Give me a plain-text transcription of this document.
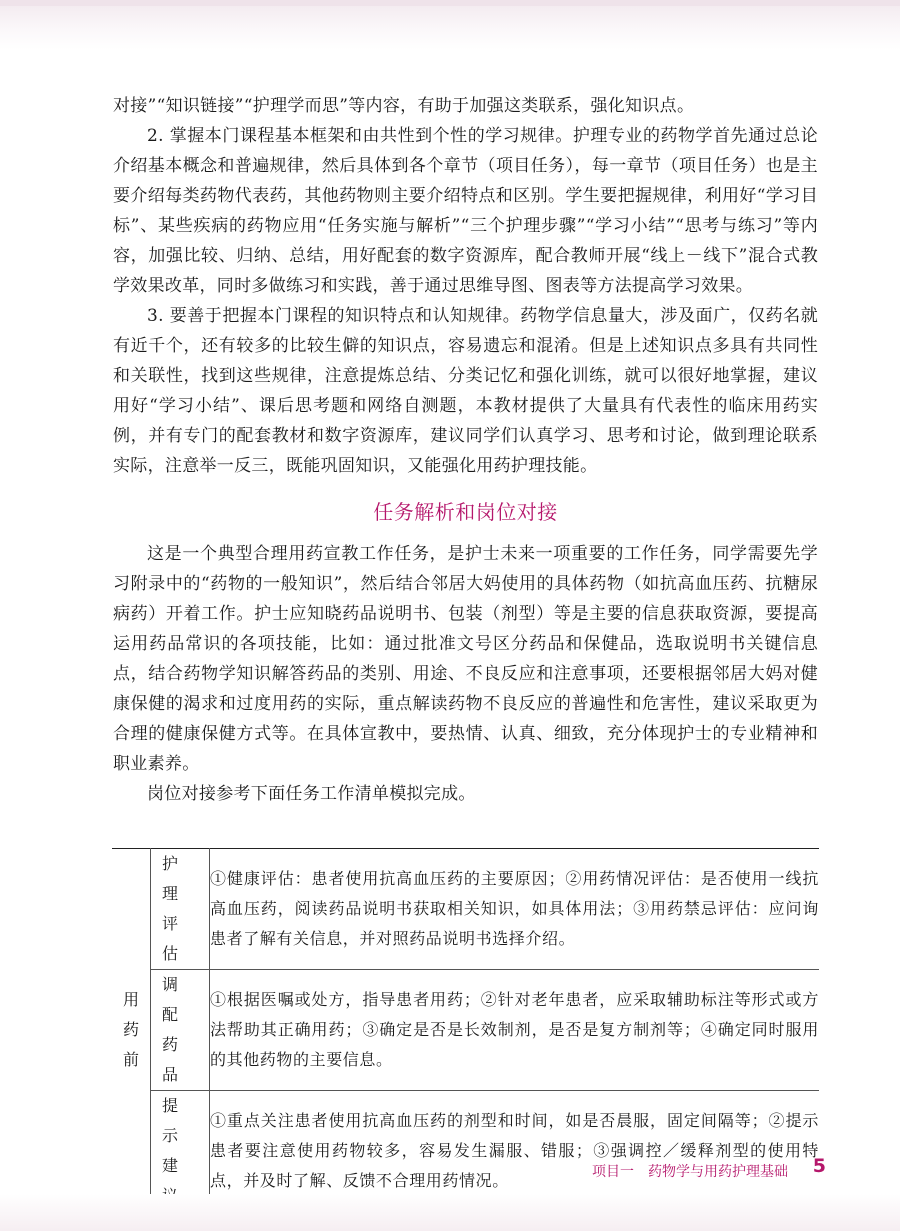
对接”“知识链接”“护理学而思”等内容，有助于加强这类联系，强化知识点。

2. 掌握本门课程基本框架和由共性到个性的学习规律。护理专业的药物学首先通过总论介绍基本概念和普遍规律，然后具体到各个章节（项目任务），每一章节（项目任务）也是主要介绍每类药物代表药，其他药物则主要介绍特点和区别。学生要把握规律，利用好“学习目标”、某些疾病的药物应用“任务实施与解析”“三个护理步骤”“学习小结”“思考与练习”等内容，加强比较、归纳、总结，用好配套的数字资源库，配合教师开展“线上－线下”混合式教学效果改革，同时多做练习和实践，善于通过思维导图、图表等方法提高学习效果。

3. 要善于把握本门课程的知识特点和认知规律。药物学信息量大，涉及面广，仅药名就有近千个，还有较多的比较生僻的知识点，容易遗忘和混淆。但是上述知识点多具有共同性和关联性，找到这些规律，注意提炼总结、分类记忆和强化训练，就可以很好地掌握，建议用好“学习小结”、课后思考题和网络自测题，本教材提供了大量具有代表性的临床用药实例，并有专门的配套教材和数字资源库，建议同学们认真学习、思考和讨论，做到理论联系实际，注意举一反三，既能巩固知识，又能强化用药护理技能。

任务解析和岗位对接

这是一个典型合理用药宣教工作任务，是护士未来一项重要的工作任务，同学需要先学习附录中的“药物的一般知识”，然后结合邻居大妈使用的具体药物（如抗高血压药、抗糖尿病药）开着工作。护士应知晓药品说明书、包装（剂型）等是主要的信息获取资源，要提高运用药品常识的各项技能，比如：通过批准文号区分药品和保健品，选取说明书关键信息点，结合药物学知识解答药品的类别、用途、不良反应和注意事项，还要根据邻居大妈对健康保健的渴求和过度用药的实际，重点解读药物不良反应的普遍性和危害性，建议采取更为合理的健康保健方式等。在具体宣教中，要热情、认真、细致，充分体现护士的专业精神和职业素养。

岗位对接参考下面任务工作清单模拟完成。

用药前	护理评估	①健康评估：患者使用抗高血压药的主要原因；②用药情况评估：是否使用一线抗高血压药，阅读药品说明书获取相关知识，如具体用法；③用药禁忌评估：应问询患者了解有关信息，并对照药品说明书选择介绍。
	调配药品	①根据医嘱或处方，指导患者用药；②针对老年患者，应采取辅助标注等形式或方法帮助其正确用药；③确定是否是长效制剂，是否是复方制剂等；④确定同时服用的其他药物的主要信息。
	提示建	①重点关注患者使用抗高血压药的剂型和时间，如是否晨服，固定间隔等；②提示患者要注意使用药物较多，容易发生漏服、错服；③强调控／缓释剂型的使用特点，并及时了解、反馈不合理用药情况。	项目一　药物学与用药护理基础 5
